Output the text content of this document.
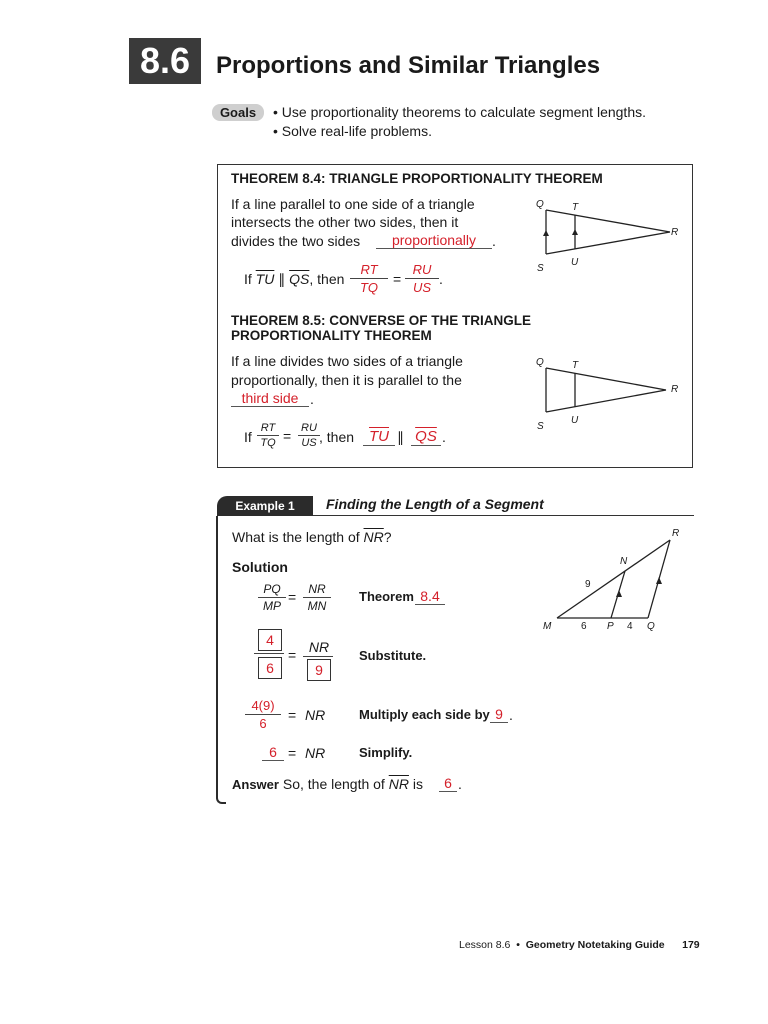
8.6	Proportions and Similar Triangles
Goals	• Use proportionality theorems to calculate segment lengths.
• Solve real-life problems.
THEOREM 8.4: TRIANGLE PROPORTIONALITY THEOREM
If a line parallel to one side of a triangle
intersects the other two sides, then it
divides the two sides	proportionally	.
If $\overline{TU}$ ∥ $\overline{QS}$, then $\frac{RT}{TQ} = \frac{RU}{US}$ .
Q	T
R
S
U
THEOREM 8.5: CONVERSE OF THE TRIANGLE
PROPORTIONALITY THEOREM
If a line divides two sides of a triangle
proportionally, then it is parallel to the
third side .
If $\frac{RT}{TQ} = \frac{RU}{US}$ , then $\overline{TU}$ ∥ $\overline{QS}$ .
Q	T
R
S
U
Example 1	Finding the Length of a Segment
What is the length of $\overline{NR}$?
Solution
$\frac{PQ}{MP} = \frac{NR}{MN}$ Theorem 8.4
4
6
= NR
9
Substitute.
$\frac{4(9)}{6}$ = NR	Multiply each side by 9 .
6 = NR	Simplify.
Answer So, the length of $\overline{NR}$ is	6 .
R
N
9
M	6 P 4 Q
Lesson 8.6 • Geometry Notetaking Guide 179
